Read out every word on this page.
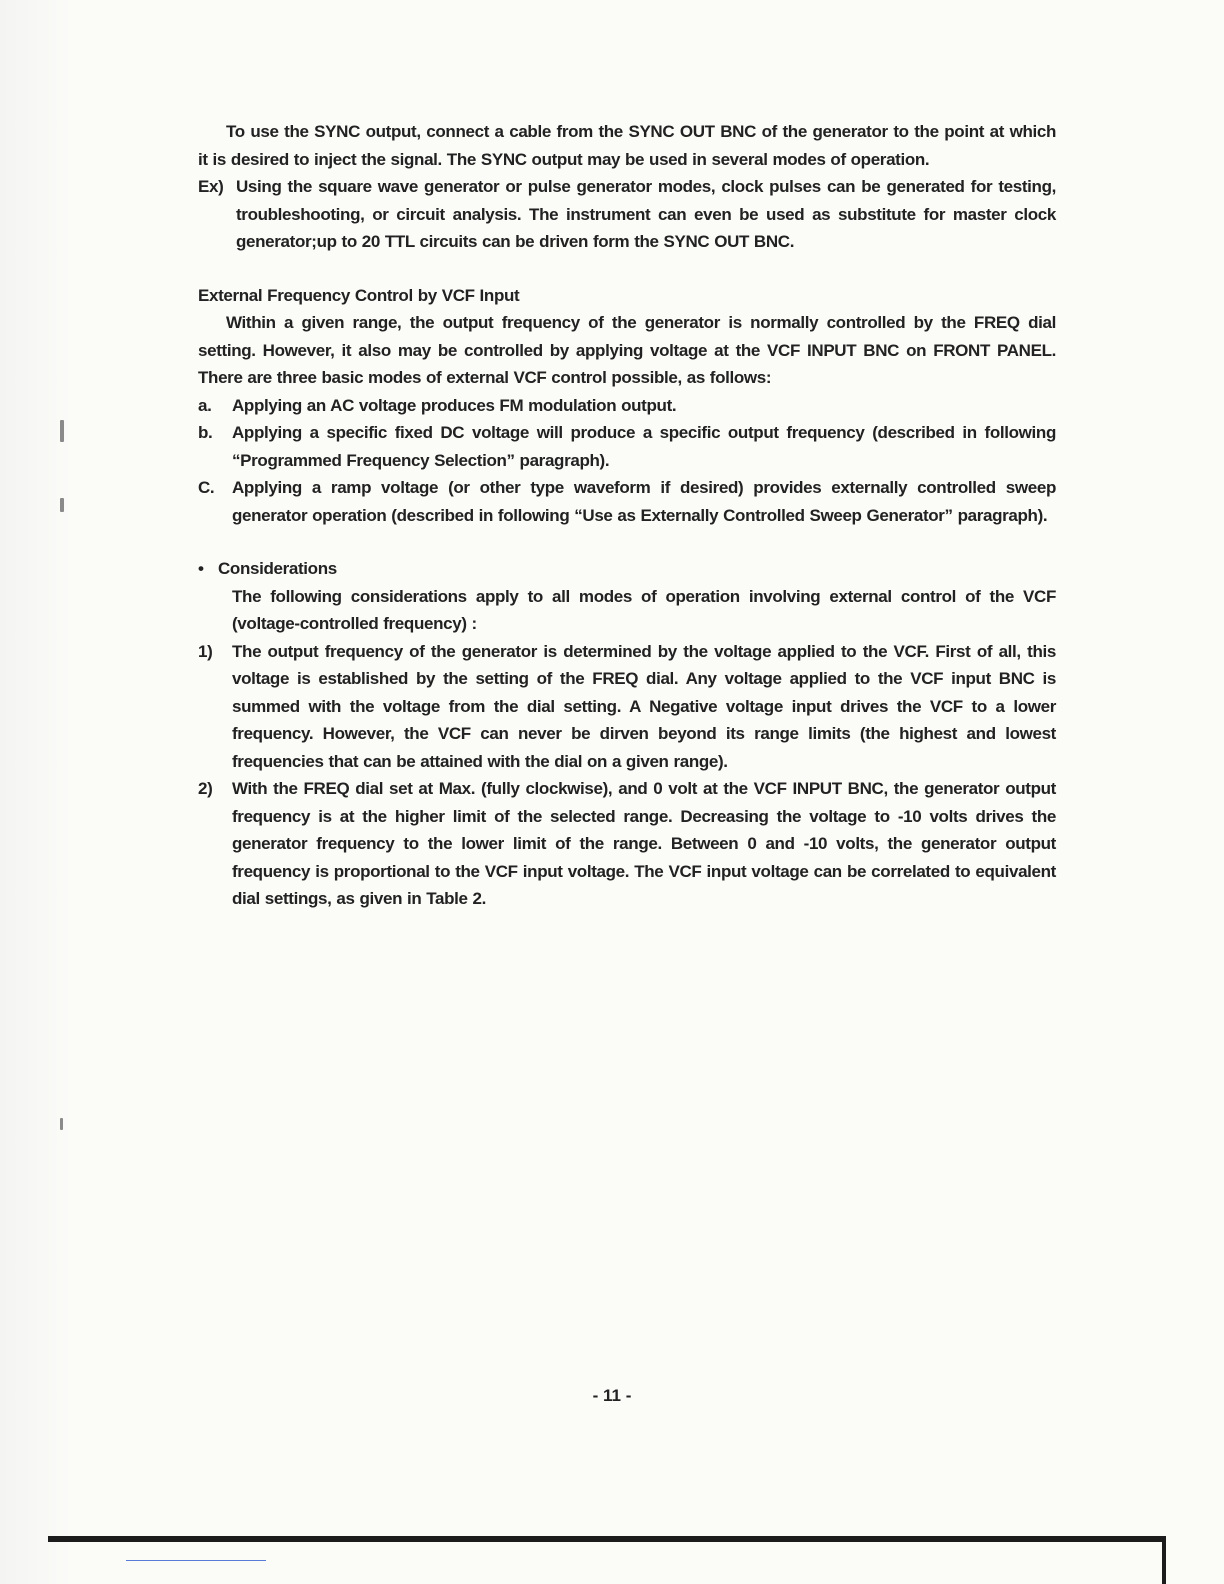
To use the SYNC output, connect a cable from the SYNC OUT BNC of the generator to the point at which it is desired to inject the signal. The SYNC output may be used in several modes of operation.

Ex) Using the square wave generator or pulse generator modes, clock pulses can be generated for testing, troubleshooting, or circuit analysis. The instrument can even be used as substitute for master clock generator;up to 20 TTL circuits can be driven form the SYNC OUT BNC.

External Frequency Control by VCF Input

Within a given range, the output frequency of the generator is normally controlled by the FREQ dial setting. However, it also may be controlled by applying voltage at the VCF INPUT BNC on FRONT PANEL. There are three basic modes of external VCF control possible, as follows:

a.	Applying an AC voltage produces FM modulation output.
b.	Applying a specific fixed DC voltage will produce a specific output frequency (described in following “Programmed Frequency Selection” paragraph).
C.	Applying a ramp voltage (or other type waveform if desired) provides externally controlled sweep generator operation (described in following “Use as Externally Controlled Sweep Generator” paragraph).

• Considerations

The following considerations apply to all modes of operation involving external control of the VCF (voltage-controlled frequency) :

1)	The output frequency of the generator is determined by the voltage applied to the VCF. First of all, this voltage is established by the setting of the FREQ dial. Any voltage applied to the VCF input BNC is summed with the voltage from the dial setting. A Negative voltage input drives the VCF to a lower frequency. However, the VCF can never be dirven beyond its range limits (the highest and lowest frequencies that can be attained with the dial on a given range).
2)	With the FREQ dial set at Max. (fully clockwise), and 0 volt at the VCF INPUT BNC, the generator output frequency is at the higher limit of the selected range. Decreasing the voltage to -10 volts drives the generator frequency to the lower limit of the range. Between 0 and -10 volts, the generator output frequency is proportional to the VCF input voltage. The VCF input voltage can be correlated to equivalent dial settings, as given in Table 2.
- 11 -
